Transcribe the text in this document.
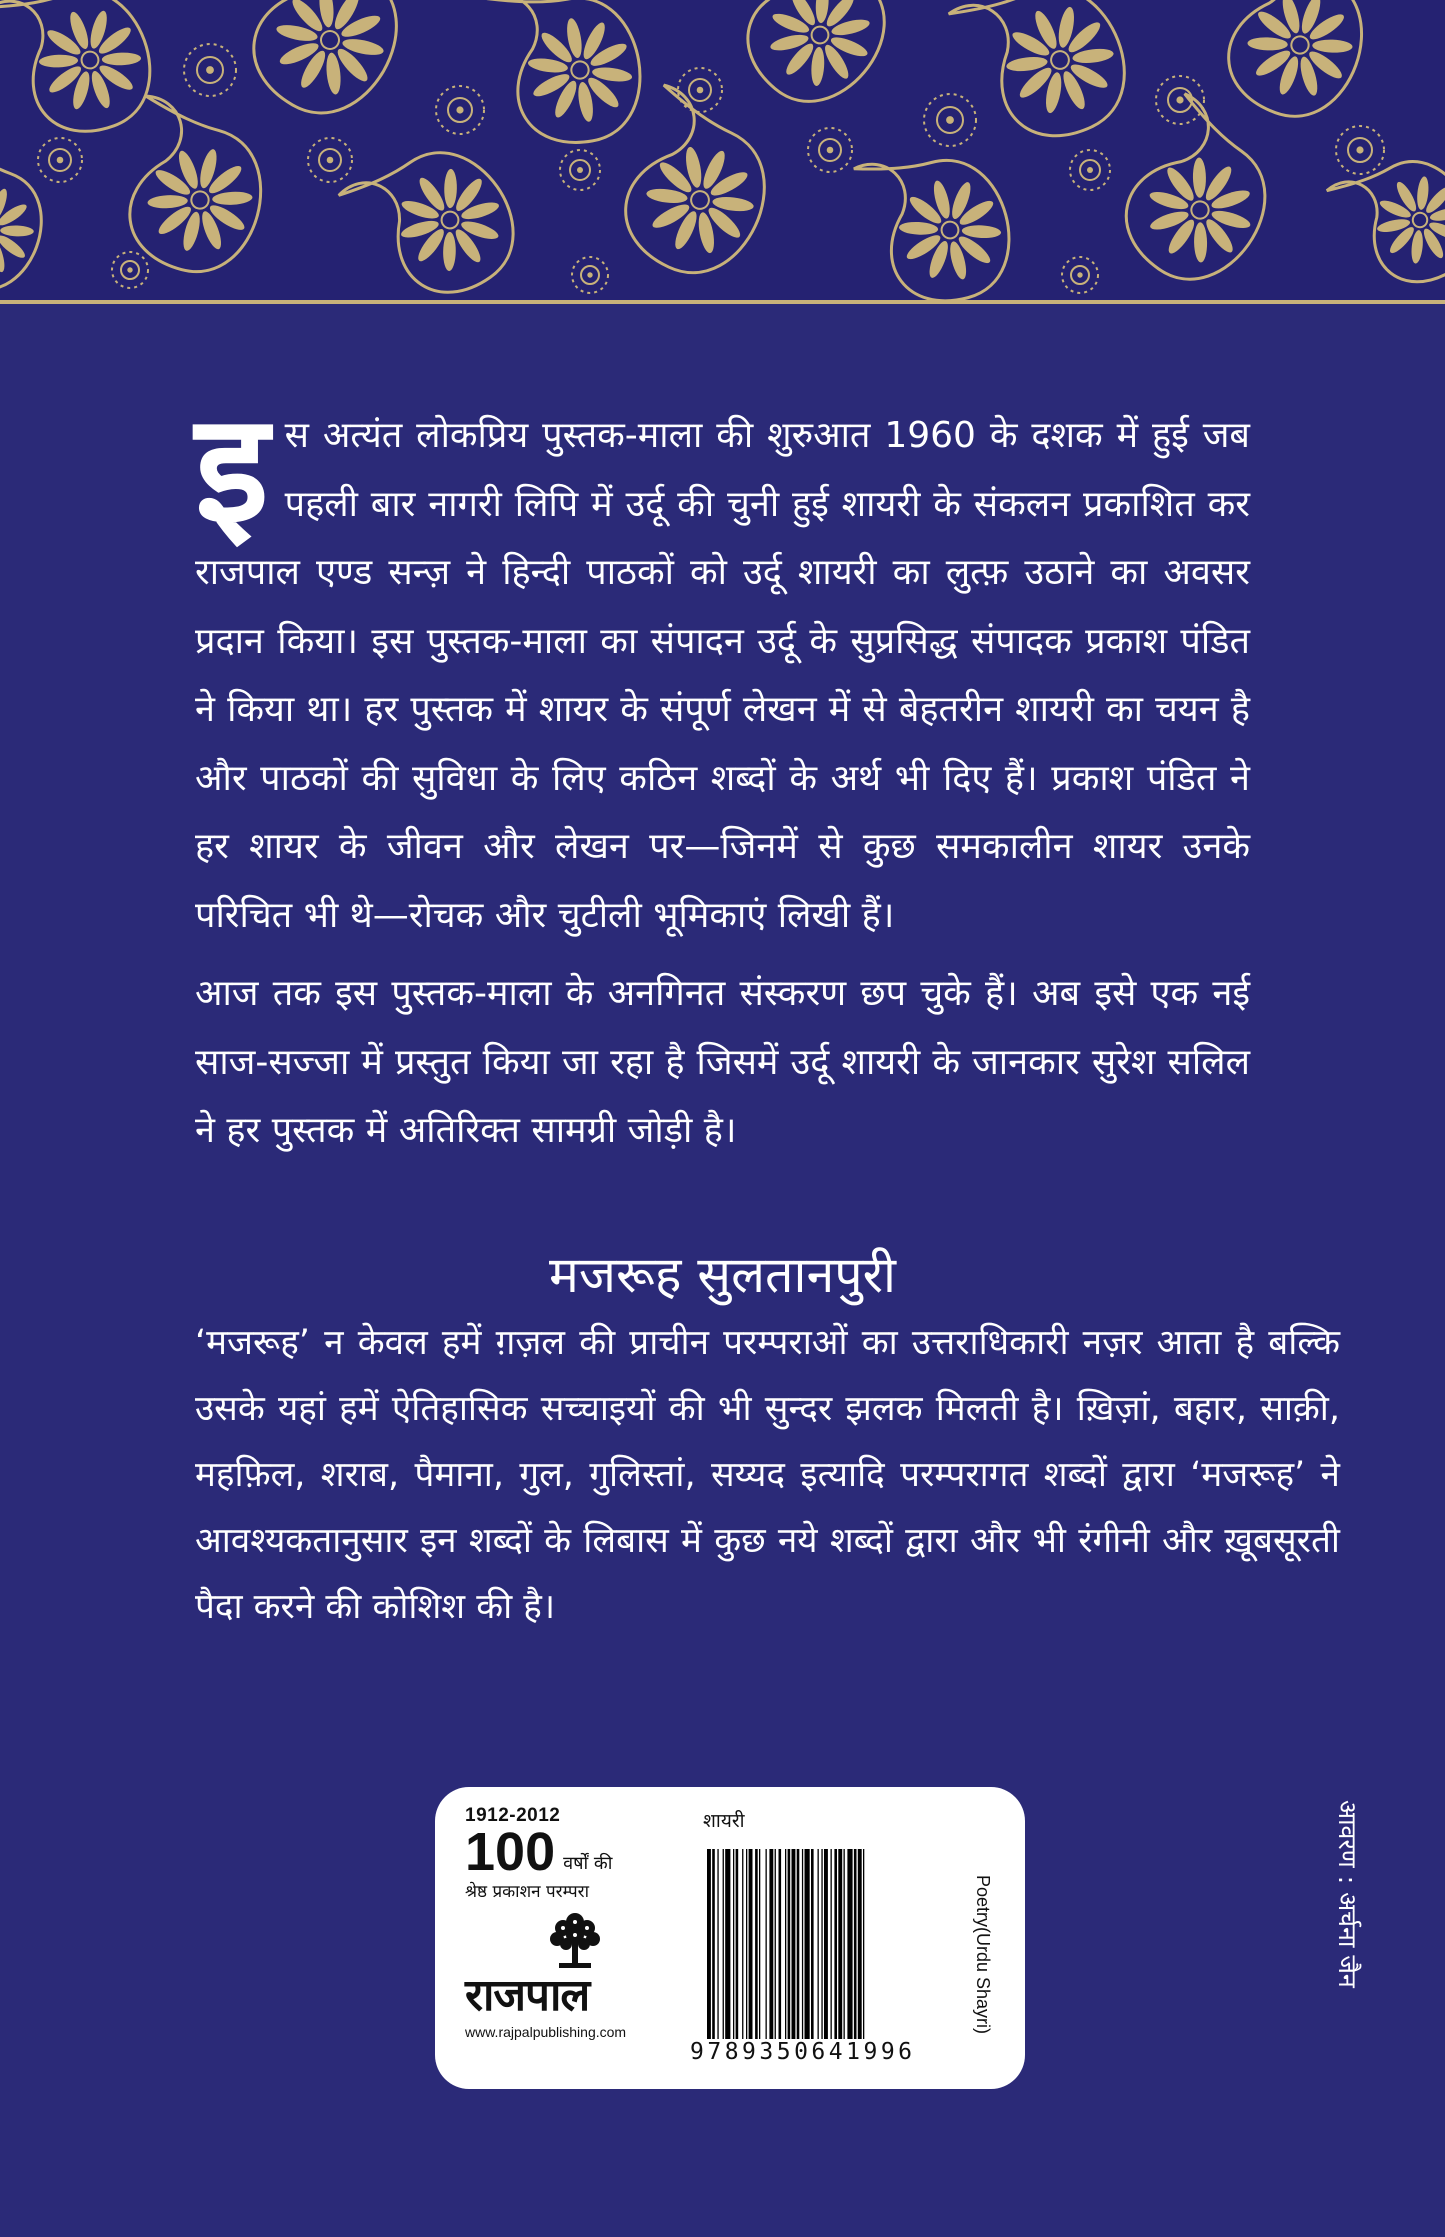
इस अत्यंत लोकप्रिय पुस्तक-माला की शुरुआत 1960 के दशक में हुई जब पहली बार नागरी लिपि में उर्दू की चुनी हुई शायरी के संकलन प्रकाशित कर राजपाल एण्ड सन्ज़ ने हिन्दी पाठकों को उर्दू शायरी का लुत्फ़ उठाने का अवसर प्रदान किया। इस पुस्तक-माला का संपादन उर्दू के सुप्रसिद्ध संपादक प्रकाश पंडित ने किया था। हर पुस्तक में शायर के संपूर्ण लेखन में से बेहतरीन शायरी का चयन है और पाठकों की सुविधा के लिए कठिन शब्दों के अर्थ भी दिए हैं। प्रकाश पंडित ने हर शायर के जीवन और लेखन पर—जिनमें से कुछ समकालीन शायर उनके परिचित भी थे—रोचक और चुटीली भूमिकाएं लिखी हैं।

आज तक इस पुस्तक-माला के अनगिनत संस्करण छप चुके हैं। अब इसे एक नई साज-सज्जा में प्रस्तुत किया जा रहा है जिसमें उर्दू शायरी के जानकार सुरेश सलिल ने हर पुस्तक में अतिरिक्त सामग्री जोड़ी है।

मजरूह सुलतानपुरी

‘मजरूह’ न केवल हमें ग़ज़ल की प्राचीन परम्पराओं का उत्तराधिकारी नज़र आता है बल्कि उसके यहां हमें ऐतिहासिक सच्चाइयों की भी सुन्दर झलक मिलती है। ख़िज़ां, बहार, साक़ी, महफ़िल, शराब, पैमाना, गुल, गुलिस्तां, सय्यद इत्यादि परम्परागत शब्दों द्वारा ‘मजरूह’ ने आवश्यकतानुसार इन शब्दों के लिबास में कुछ नये शब्दों द्वारा और भी रंगीनी और ख़ूबसूरती पैदा करने की कोशिश की है।

आवरण : अर्चना जैन
1912-2012
100 वर्षों की
श्रेष्ठ प्रकाशन परम्परा
राजपाल
www.rajpalpublishing.com
शायरी
9789350641996
Poetry(Urdu Shayri)
